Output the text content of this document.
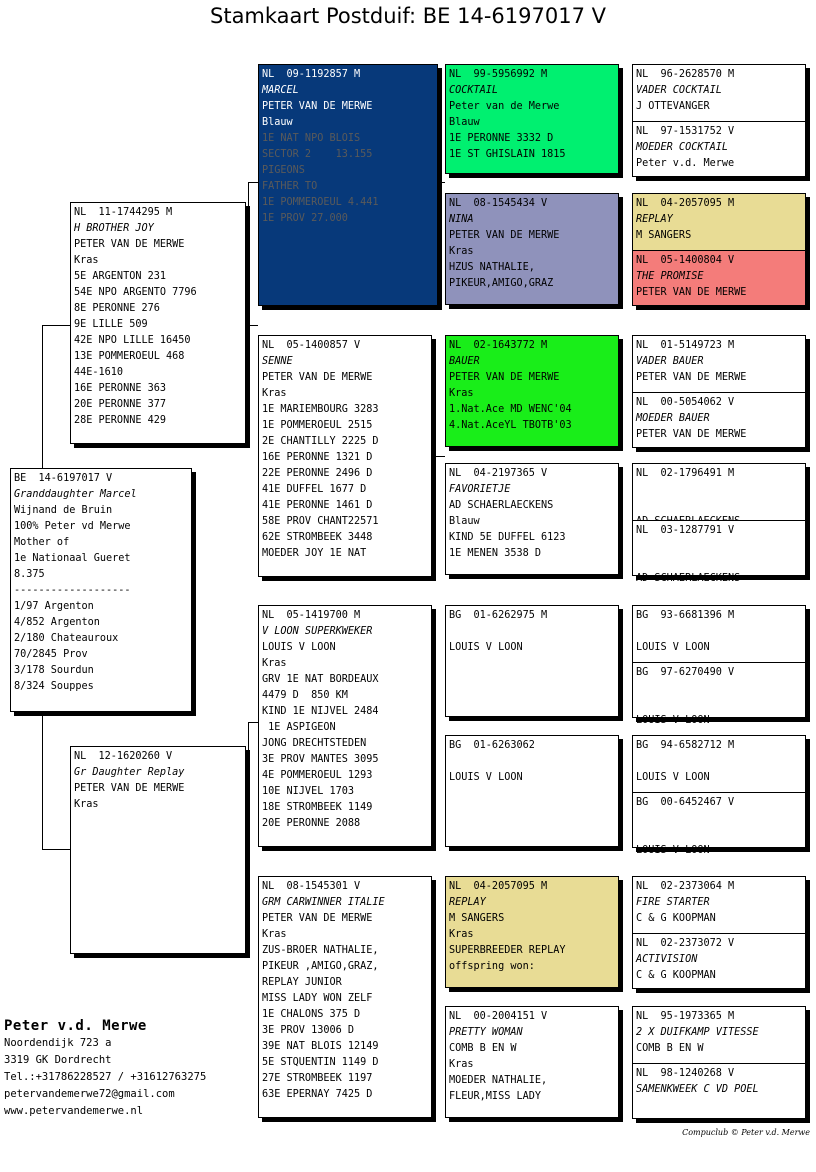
Stamkaart Postduif: BE 14-6197017 V
BE  14-6197017 V
Granddaughter Marcel
Wijnand de Bruin
100% Peter vd Merwe
Mother of
1e Nationaal Gueret
8.375
-------------------
1/97 Argenton
4/852 Argenton
2/180 Chateauroux
70/2845 Prov
3/178 Sourdun
8/324 Souppes
NL  11-1744295 M
H BROTHER JOY
PETER VAN DE MERWE
Kras
5E ARGENTON 231
54E NPO ARGENTO 7796
8E PERONNE 276
9E LILLE 509
42E NPO LILLE 16450
13E POMMEROEUL 468
44E-1610
16E PERONNE 363
20E PERONNE 377
28E PERONNE 429
NL  12-1620260 V
Gr Daughter Replay
PETER VAN DE MERWE
Kras
NL  09-1192857 M
MARCEL
PETER VAN DE MERWE
Blauw
1E NAT NPO BLOIS
SECTOR 2    13.155
PIGEONS
FATHER TO
1E POMMEROEUL 4.441
1E PROV 27.000
NL  05-1400857 V
SENNE
PETER VAN DE MERWE
Kras
1E MARIEMBOURG 3283
1E POMMEROEUL 2515
2E CHANTILLY 2225 D
16E PERONNE 1321 D
22E PERONNE 2496 D
41E DUFFEL 1677 D
41E PERONNE 1461 D
58E PROV CHANT22571
62E STROMBEEK 3448
MOEDER JOY 1E NAT
NL  05-1419700 M
V LOON SUPERKWEKER
LOUIS V LOON
Kras
GRV 1E NAT BORDEAUX
4479 D  850 KM
KIND 1E NIJVEL 2484
1E ASPIGEON
JONG DRECHTSTEDEN
3E PROV MANTES 3095
4E POMMEROEUL 1293
10E NIJVEL 1703
18E STROMBEEK 1149
20E PERONNE 2088
NL  08-1545301 V
GRM CARWINNER ITALIE
PETER VAN DE MERWE
Kras
ZUS-BROER NATHALIE,
PIKEUR ,AMIGO,GRAZ,
REPLAY JUNIOR
MISS LADY WON ZELF
1E CHALONS 375 D
3E PROV 13006 D
39E NAT BLOIS 12149
5E STQUENTIN 1149 D
27E STROMBEEK 1197
63E EPERNAY 7425 D
NL  99-5956992 M
COCKTAIL
Peter van de Merwe
Blauw
1E PERONNE 3332 D
1E ST GHISLAIN 1815
NL  08-1545434 V
NINA
PETER VAN DE MERWE
Kras
HZUS NATHALIE,
PIKEUR,AMIGO,GRAZ
NL  02-1643772 M
BAUER
PETER VAN DE MERWE
Kras
1.Nat.Ace MD WENC'04
4.Nat.AceYL TBOTB'03
NL  04-2197365 V
FAVORIETJE
AD SCHAERLAECKENS
Blauw
KIND 5E DUFFEL 6123
1E MENEN 3538 D
BG  01-6262975 M

LOUIS V LOON
BG  01-6263062

LOUIS V LOON
NL  04-2057095 M
REPLAY
M SANGERS
Kras
SUPERBREEDER REPLAY
offspring won:
NL  00-2004151 V
PRETTY WOMAN
COMB B EN W
Kras
MOEDER NATHALIE,
FLEUR,MISS LADY
NL  96-2628570 M
VADER COCKTAIL
J OTTEVANGER
NL  97-1531752 V
MOEDER COCKTAIL
Peter v.d. Merwe
NL  04-2057095 M
REPLAY
M SANGERS
NL  05-1400804 V
THE PROMISE
PETER VAN DE MERWE
NL  01-5149723 M
VADER BAUER
PETER VAN DE MERWE
NL  00-5054062 V
MOEDER BAUER
PETER VAN DE MERWE
NL  02-1796491 M

NL  03-1287791 V

AD SCHAERLAECKENS
BG  93-6681396 M

LOUIS V LOON
BG  97-6270490 V

LOUIS V LOON
BG  94-6582712 M

LOUIS V LOON
BG  00-6452467 V

LOUIS V LOON
NL  02-2373064 M
FIRE STARTER
C & G KOOPMAN
NL  02-2373072 V
ACTIVISION
C & G KOOPMAN
NL  95-1973365 M
2 X DUIFKAMP VITESSE
COMB B EN W
NL  98-1240268 V
SAMENKWEEK C VD POEL
Peter v.d. Merwe
Noordendijk 723 a
3319 GK Dordrecht
Tel.:+31786228527 / +31612763275
petervandemerwe72@gmail.com
www.petervandemerwe.nl
Compuclub © Peter v.d. Merwe
